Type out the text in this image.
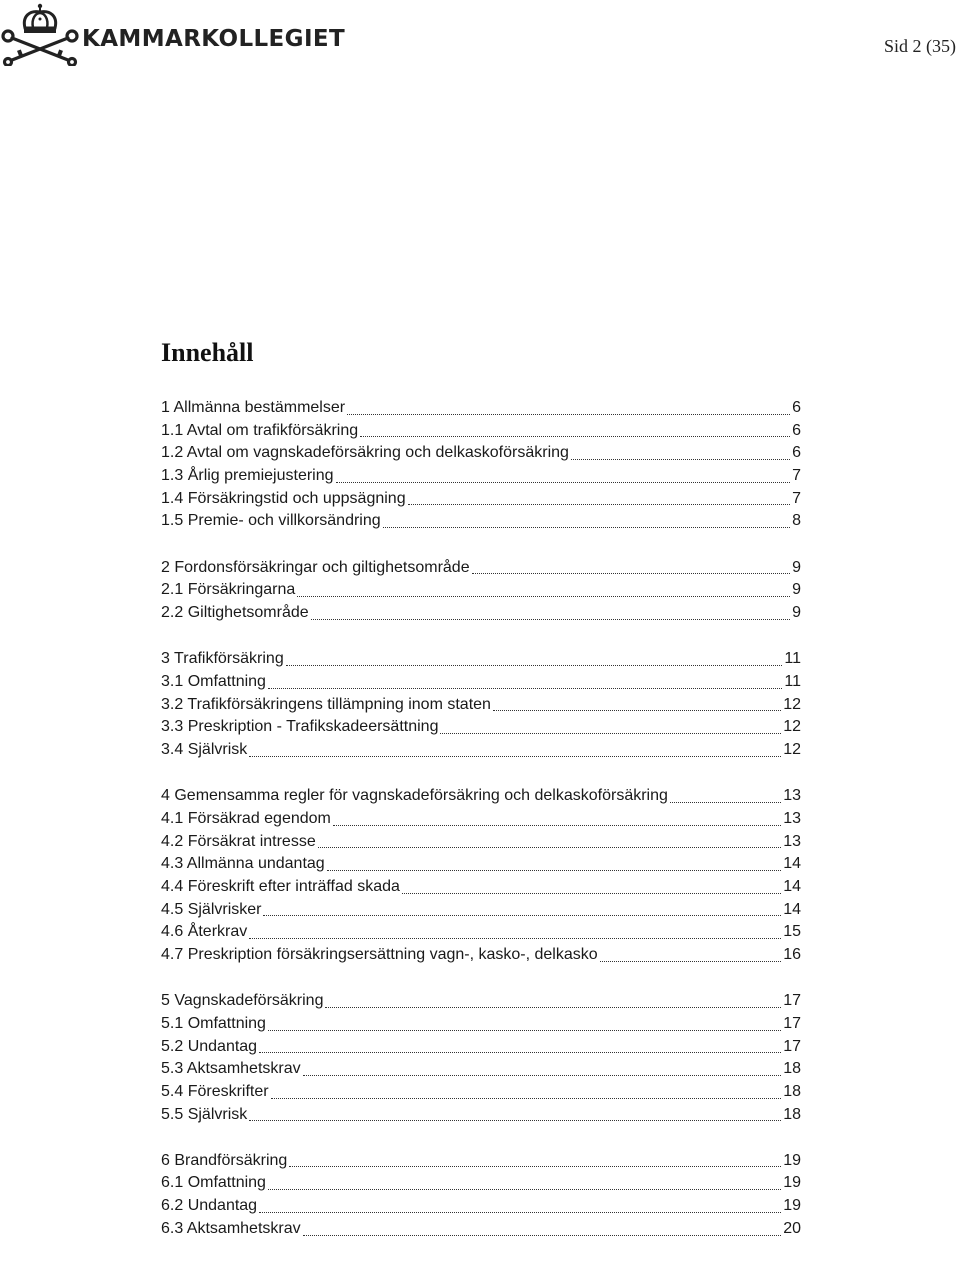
KAMMARKOLLEGIET	Sid 2 (35)
Innehåll
1 Allmänna bestämmelser	6
1.1 Avtal om trafikförsäkring	6
1.2 Avtal om vagnskadeförsäkring och delkaskoförsäkring	6
1.3 Årlig premiejustering	7
1.4 Försäkringstid och uppsägning	7
1.5 Premie- och villkorsändring	8
2 Fordonsförsäkringar och giltighetsområde	9
2.1 Försäkringarna	9
2.2 Giltighetsområde	9
3 Trafikförsäkring	11
3.1 Omfattning	11
3.2 Trafikförsäkringens tillämpning inom staten	12
3.3 Preskription - Trafikskadeersättning	12
3.4 Självrisk	12
4 Gemensamma regler för vagnskadeförsäkring och delkaskoförsäkring	13
4.1 Försäkrad egendom	13
4.2 Försäkrat intresse	13
4.3 Allmänna undantag	14
4.4 Föreskrift efter inträffad skada	14
4.5 Självrisker	14
4.6 Återkrav	15
4.7 Preskription försäkringsersättning vagn-, kasko-, delkasko	16
5 Vagnskadeförsäkring	17
5.1 Omfattning	17
5.2 Undantag	17
5.3 Aktsamhetskrav	18
5.4 Föreskrifter	18
5.5 Självrisk	18
6 Brandförsäkring	19
6.1 Omfattning	19
6.2 Undantag	19
6.3 Aktsamhetskrav	20
